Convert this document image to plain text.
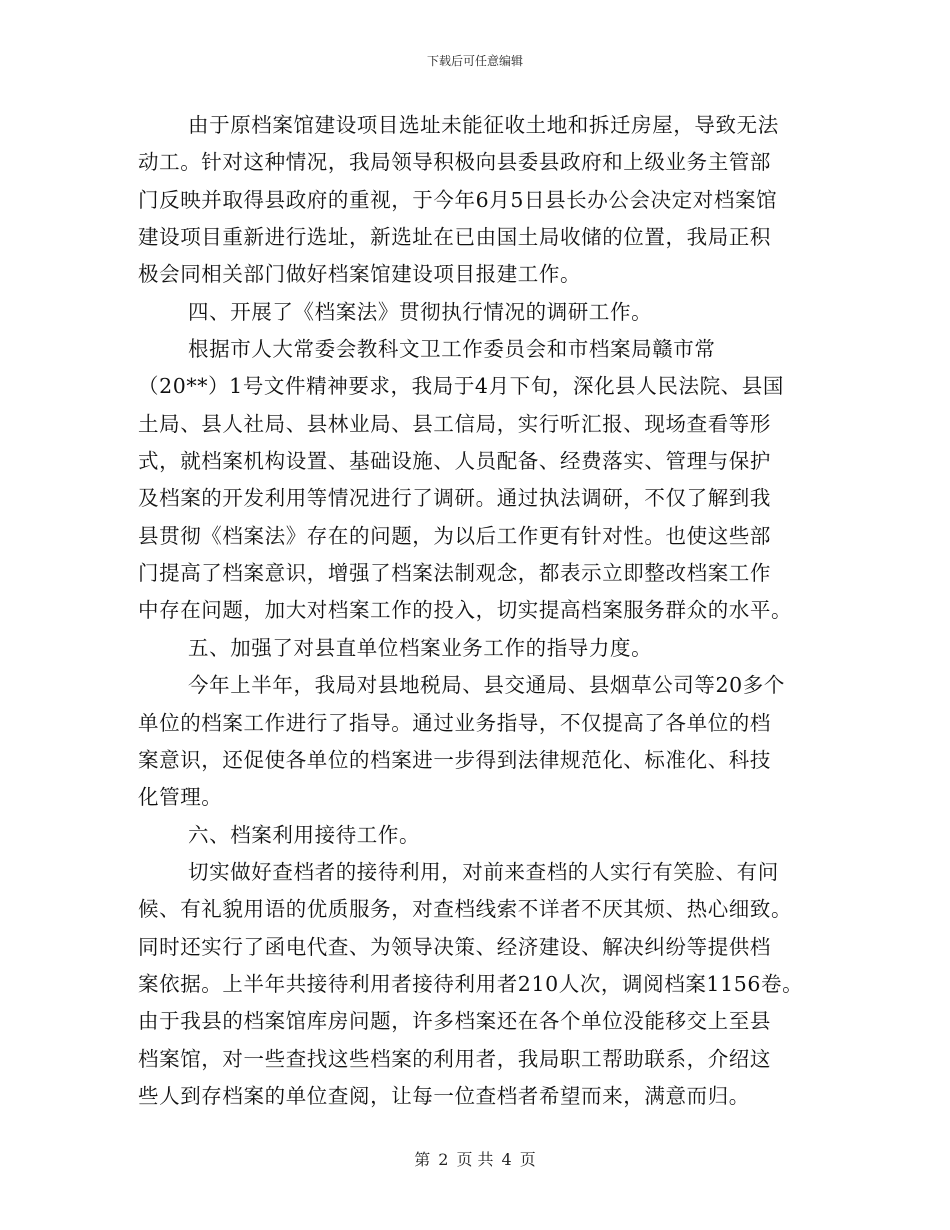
下载后可任意编辑
由于原档案馆建设项目选址未能征收土地和拆迁房屋，导致无法
动工。针对这种情况，我局领导积极向县委县政府和上级业务主管部
门反映并取得县政府的重视，于今年6月5日县长办公会决定对档案馆
建设项目重新进行选址，新选址在已由国土局收储的位置，我局正积
极会同相关部门做好档案馆建设项目报建工作。
四、开展了《档案法》贯彻执行情况的调研工作。
根据市人大常委会教科文卫工作委员会和市档案局赣市常
（20**）1号文件精神要求，我局于4月下旬，深化县人民法院、县国
土局、县人社局、县林业局、县工信局，实行听汇报、现场查看等形
式，就档案机构设置、基础设施、人员配备、经费落实、管理与保护
及档案的开发利用等情况进行了调研。通过执法调研，不仅了解到我
县贯彻《档案法》存在的问题，为以后工作更有针对性。也使这些部
门提高了档案意识，增强了档案法制观念，都表示立即整改档案工作
中存在问题，加大对档案工作的投入，切实提高档案服务群众的水平。
五、加强了对县直单位档案业务工作的指导力度。
今年上半年，我局对县地税局、县交通局、县烟草公司等20多个
单位的档案工作进行了指导。通过业务指导，不仅提高了各单位的档
案意识，还促使各单位的档案进一步得到法律规范化、标准化、科技
化管理。
六、档案利用接待工作。
切实做好查档者的接待利用，对前来查档的人实行有笑脸、有问
候、有礼貌用语的优质服务，对查档线索不详者不厌其烦、热心细致。
同时还实行了函电代查、为领导决策、经济建设、解决纠纷等提供档
案依据。上半年共接待利用者接待利用者210人次，调阅档案1156卷。
由于我县的档案馆库房问题，许多档案还在各个单位没能移交上至县
档案馆，对一些查找这些档案的利用者，我局职工帮助联系，介绍这
些人到存档案的单位查阅，让每一位查档者希望而来，满意而归。
第 2 页 共 4 页
